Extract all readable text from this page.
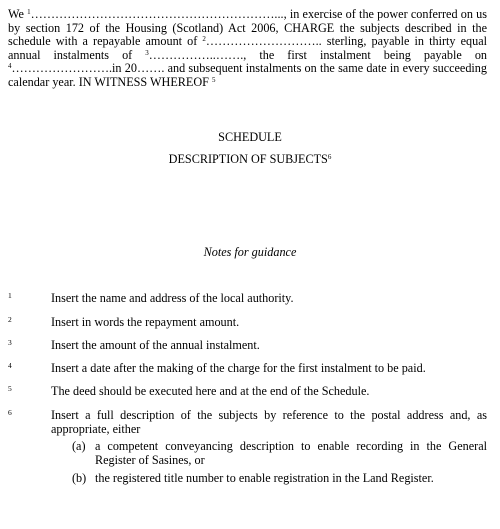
We $^1$……………………………………………………..., in exercise of the power conferred on us by section 172 of the Housing (Scotland) Act 2006, CHARGE the subjects described in the schedule with a repayable amount of $^2$……………………….. sterling, payable in thirty equal annual instalments of $^3$……………..……., the first instalment being payable on $^4$…………………….in 20……. and subsequent instalments on the same date in every succeeding calendar year. IN WITNESS WHEREOF $^5$
SCHEDULE
DESCRIPTION OF SUBJECTS$^6$
Notes for guidance
1	Insert the name and address of the local authority.
2	Insert in words the repayment amount.
3	Insert the amount of the annual instalment.
4	Insert a date after the making of the charge for the first instalment to be paid.
5	The deed should be executed here and at the end of the Schedule.
6	Insert a full description of the subjects by reference to the postal address and, as appropriate, either
(a) a competent conveyancing description to enable recording in the General Register of Sasines, or
(b) the registered title number to enable registration in the Land Register.
